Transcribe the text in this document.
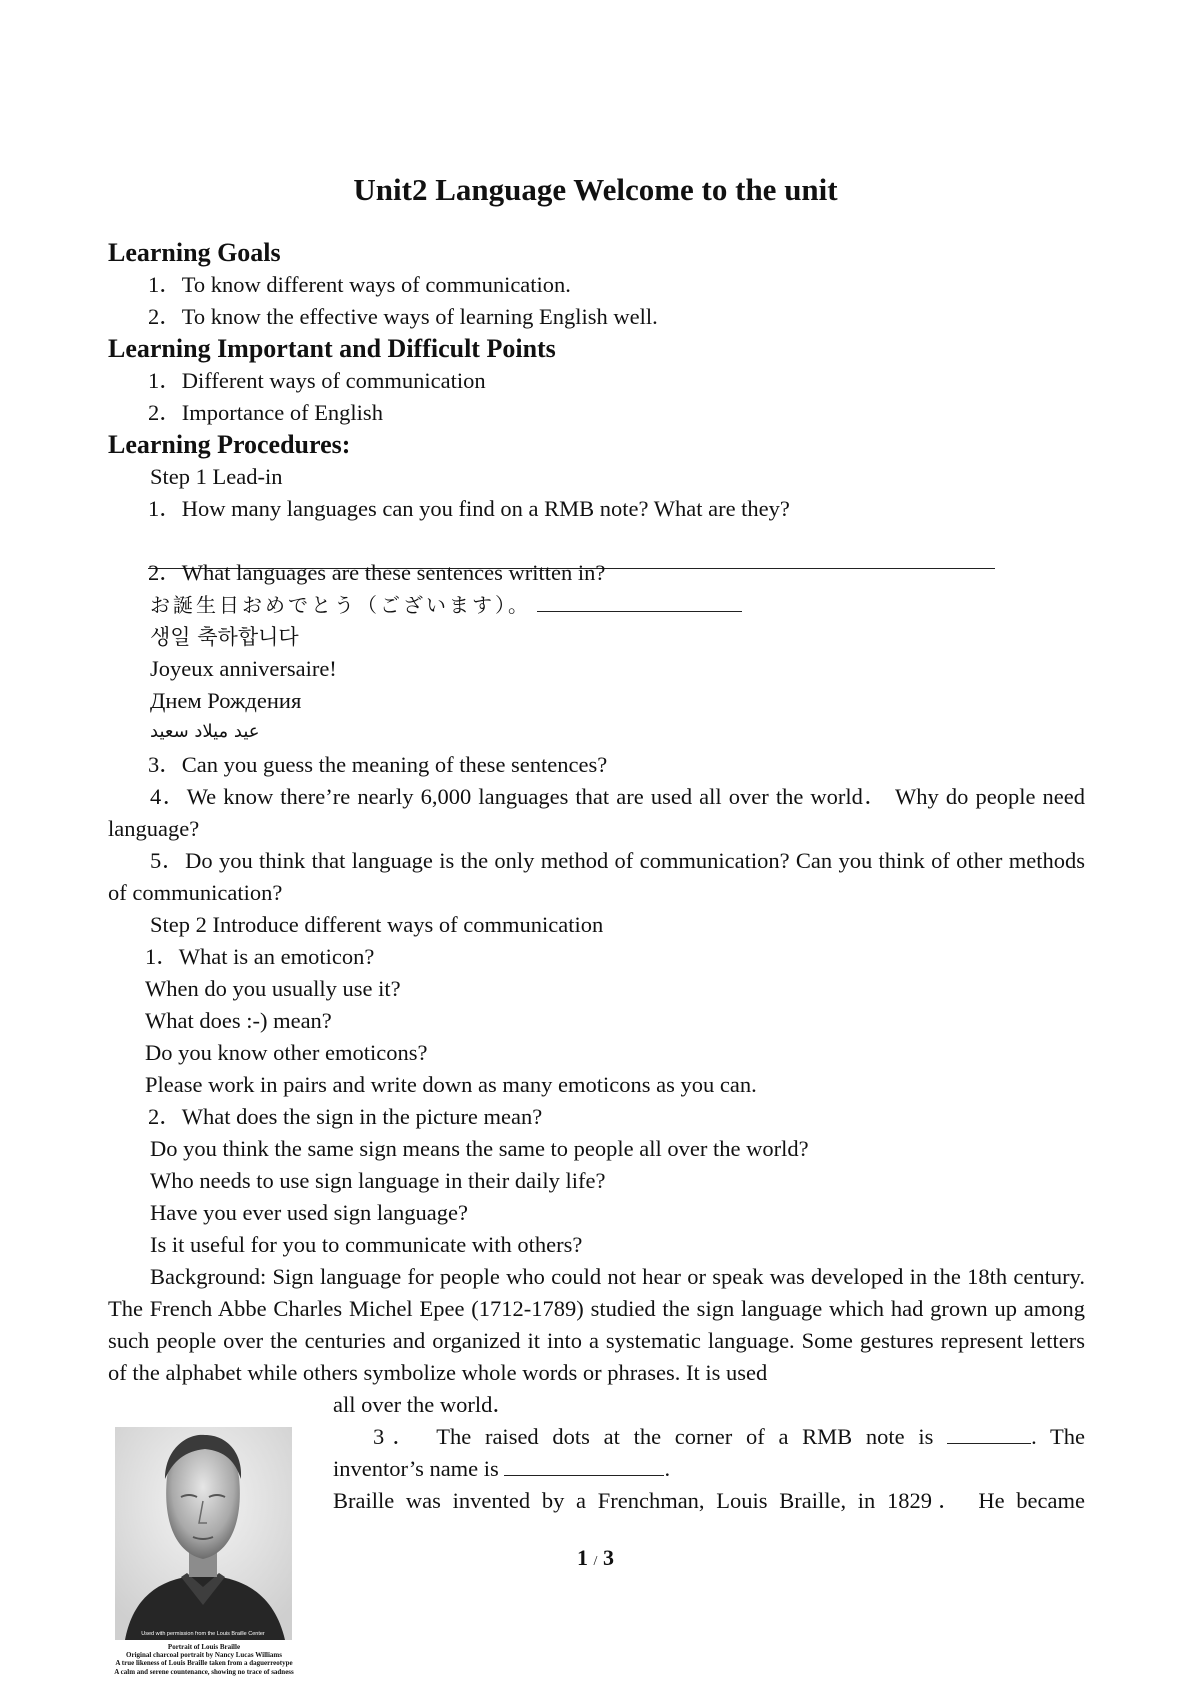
Unit2 Language Welcome to the unit
Learning Goals
1．To know different ways of communication.
2．To know the effective ways of learning English well.
Learning Important and Difficult Points
1．Different ways of communication
2．Importance of English
Learning Procedures:
Step 1 Lead-in
1．How many languages can you find on a RMB note? What are they?
2．What languages are these sentences written in?
お誕生日おめでとう（ございます）。
생일 축하합니다
Joyeux anniversaire!
Днем Рождения
عيد ميلاد سعيد
3．Can you guess the meaning of these sentences?

4．We know there’re nearly 6,000 languages that are used all over the world． Why do people need language?

5．Do you think that language is the only method of communication? Can you think of other methods of communication?

Step 2 Introduce different ways of communication
1．What is an emoticon?
When do you usually use it?
What does :-) mean?
Do you know other emoticons?
Please work in pairs and write down as many emoticons as you can.
2．What does the sign in the picture mean?
Do you think the same sign means the same to people all over the world?
Who needs to use sign language in their daily life?
Have you ever used sign language?
Is it useful for you to communicate with others?

Background: Sign language for people who could not hear or speak was developed in the 18th century. The French Abbe Charles Michel Epee (1712-1789) studied the sign language which had grown up among such people over the centuries and organized it into a systematic language. Some gestures represent letters of the alphabet while others symbolize whole words or phrases. It is used

all over the world．

3． The raised dots at the corner of a RMB note is	. The

inventor’s name is	.

Braille was invented by a Frenchman, Louis Braille, in 1829． He became

Used with permission from the Louis Braille Center
Portrait of Louis Braille
Original charcoal portrait by Nancy Lucas Williams
A true likeness of Louis Braille taken from a daguerreotype
A calm and serene countenance, showing no trace of sadness
1 / 3
